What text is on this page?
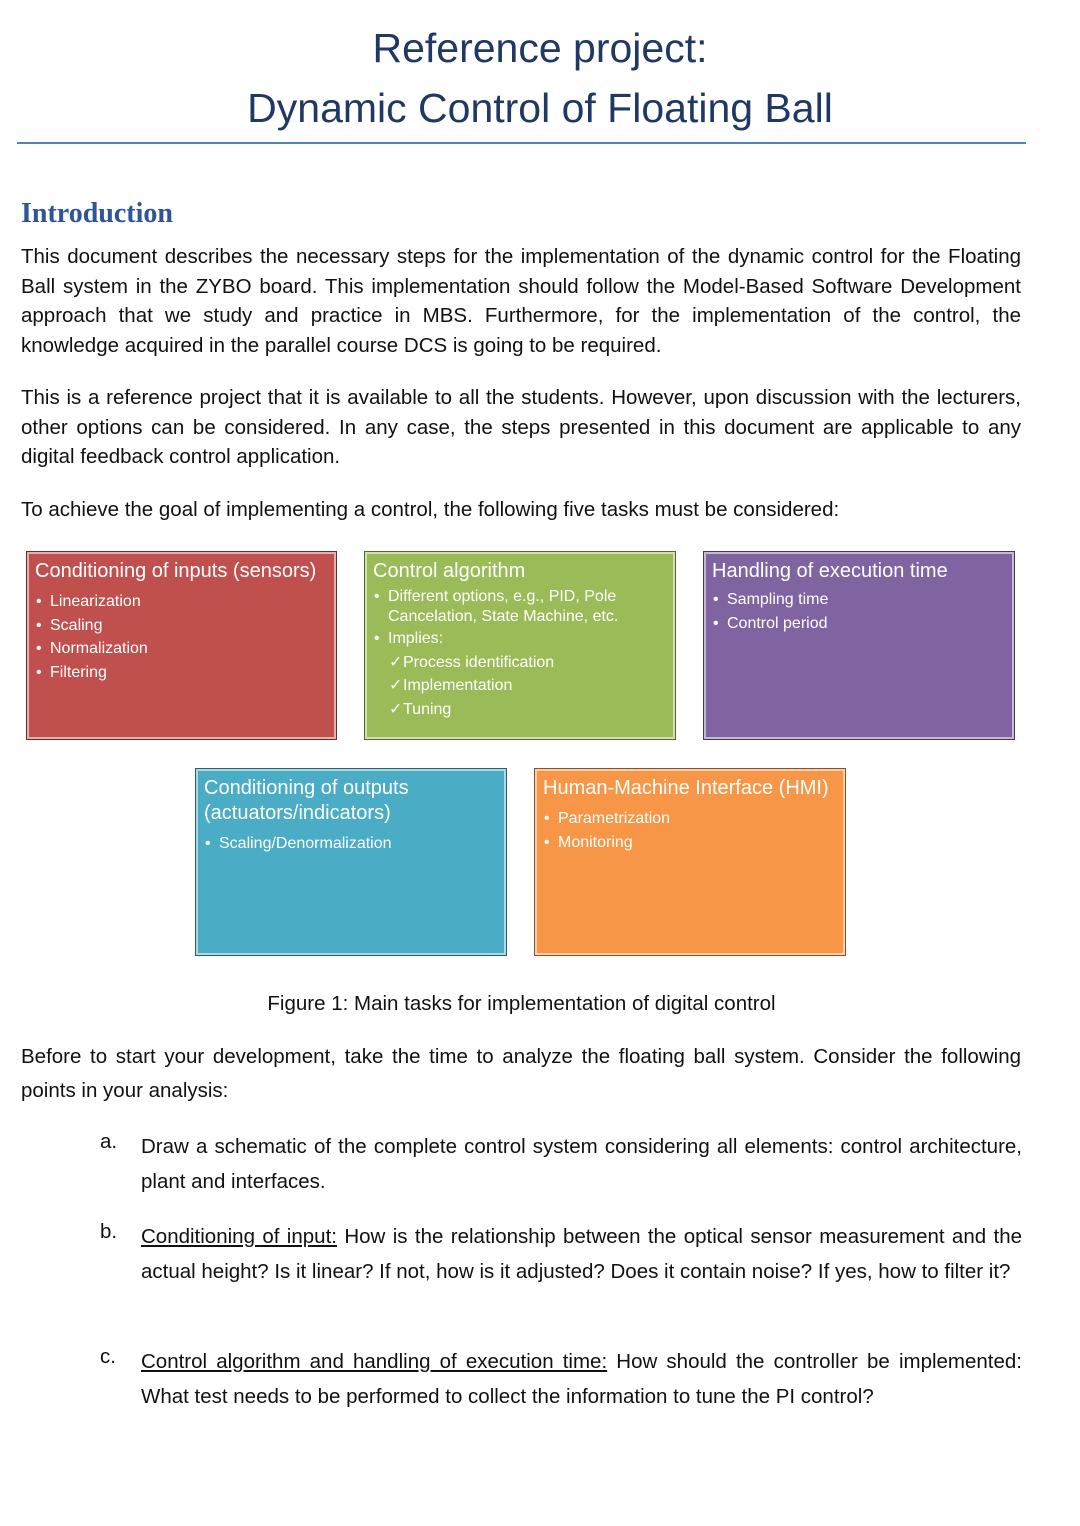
Reference project:
Dynamic Control of Floating Ball
Introduction

This document describes the necessary steps for the implementation of the dynamic control for the Floating Ball system in the ZYBO board. This implementation should follow the Model-Based Software Development approach that we study and practice in MBS. Furthermore, for the implementation of the control, the knowledge acquired in the parallel course DCS is going to be required.

This is a reference project that it is available to all the students. However, upon discussion with the lecturers, other options can be considered. In any case, the steps presented in this document are applicable to any digital feedback control application.

To achieve the goal of implementing a control, the following five tasks must be considered:

Conditioning of inputs (sensors)
• Linearization
• Scaling
• Normalization
• Filtering
Control algorithm
• Different options, e.g., PID, Pole Cancelation, State Machine, etc.
• Implies:
✓ Process identification
✓ Implementation
✓ Tuning
Handling of execution time
• Sampling time
• Control period
Conditioning of outputs (actuators/indicators)
• Scaling/Denormalization
Human-Machine Interface (HMI)
• Parametrization
• Monitoring

Figure 1: Main tasks for implementation of digital control

Before to start your development, take the time to analyze the floating ball system. Consider the following points in your analysis:

a. Draw a schematic of the complete control system considering all elements: control architecture, plant and interfaces.
b. Conditioning of input: How is the relationship between the optical sensor measurement and the actual height? Is it linear? If not, how is it adjusted? Does it contain noise? If yes, how to filter it?
c. Control algorithm and handling of execution time: How should the controller be implemented: What test needs to be performed to collect the information to tune the PI control?
